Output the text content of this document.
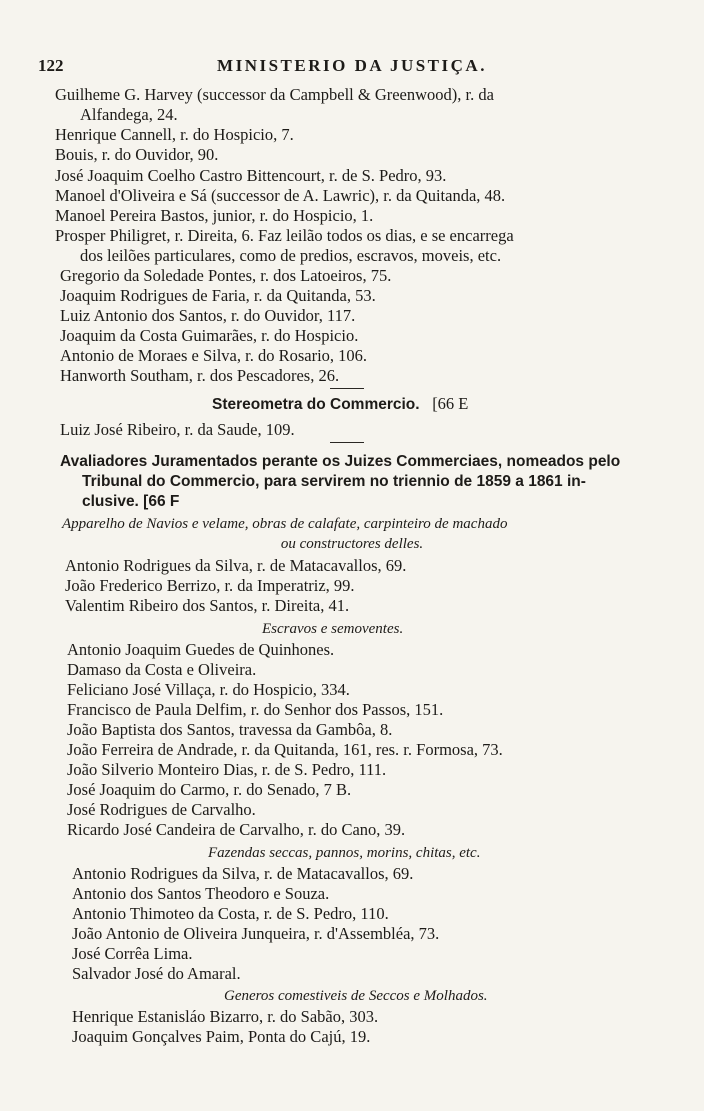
122	MINISTERIO DA JUSTIÇA.
Guilheme G. Harvey (successor da Campbell & Greenwood), r. da
Alfandega, 24.
Henrique Cannell, r. do Hospicio, 7.
Bouis, r. do Ouvidor, 90.
José Joaquim Coelho Castro Bittencourt, r. de S. Pedro, 93.
Manoel d'Oliveira e Sá (successor de A. Lawric), r. da Quitanda, 48.
Manoel Pereira Bastos, junior, r. do Hospicio, 1.
Prosper Philigret, r. Direita, 6. Faz leilão todos os dias, e se encarrega
dos leilões particulares, como de predios, escravos, moveis, etc.
Gregorio da Soledade Pontes, r. dos Latoeiros, 75.
Joaquim Rodrigues de Faria, r. da Quitanda, 53.
Luiz Antonio dos Santos, r. do Ouvidor, 117.
Joaquim da Costa Guimarães, r. do Hospicio.
Antonio de Moraes e Silva, r. do Rosario, 106.
Hanworth Southam, r. dos Pescadores, 26.
Stereometra do Commercio. [66 E
Luiz José Ribeiro, r. da Saude, 109.
Avaliadores Juramentados perante os Juizes Commerciaes, nomeados pelo
Tribunal do Commercio, para servirem no triennio de 1859 a 1861 in-
clusive. [66 F
Apparelho de Navios e velame, obras de calafate, carpinteiro de machado
ou constructores delles.
Antonio Rodrigues da Silva, r. de Matacavallos, 69.
João Frederico Berrizo, r. da Imperatriz, 99.
Valentim Ribeiro dos Santos, r. Direita, 41.
Escravos e semoventes.
Antonio Joaquim Guedes de Quinhones.
Damaso da Costa e Oliveira.
Feliciano José Villaça, r. do Hospicio, 334.
Francisco de Paula Delfim, r. do Senhor dos Passos, 151.
João Baptista dos Santos, travessa da Gambôa, 8.
João Ferreira de Andrade, r. da Quitanda, 161, res. r. Formosa, 73.
João Silverio Monteiro Dias, r. de S. Pedro, 111.
José Joaquim do Carmo, r. do Senado, 7 B.
José Rodrigues de Carvalho.
Ricardo José Candeira de Carvalho, r. do Cano, 39.
Fazendas seccas, pannos, morins, chitas, etc.
Antonio Rodrigues da Silva, r. de Matacavallos, 69.
Antonio dos Santos Theodoro e Souza.
Antonio Thimoteo da Costa, r. de S. Pedro, 110.
João Antonio de Oliveira Junqueira, r. d'Assembléa, 73.
José Corrêa Lima.
Salvador José do Amaral.
Generos comestiveis de Seccos e Molhados.
Henrique Estanisláo Bizarro, r. do Sabão, 303.
Joaquim Gonçalves Paim, Ponta do Cajú, 19.
